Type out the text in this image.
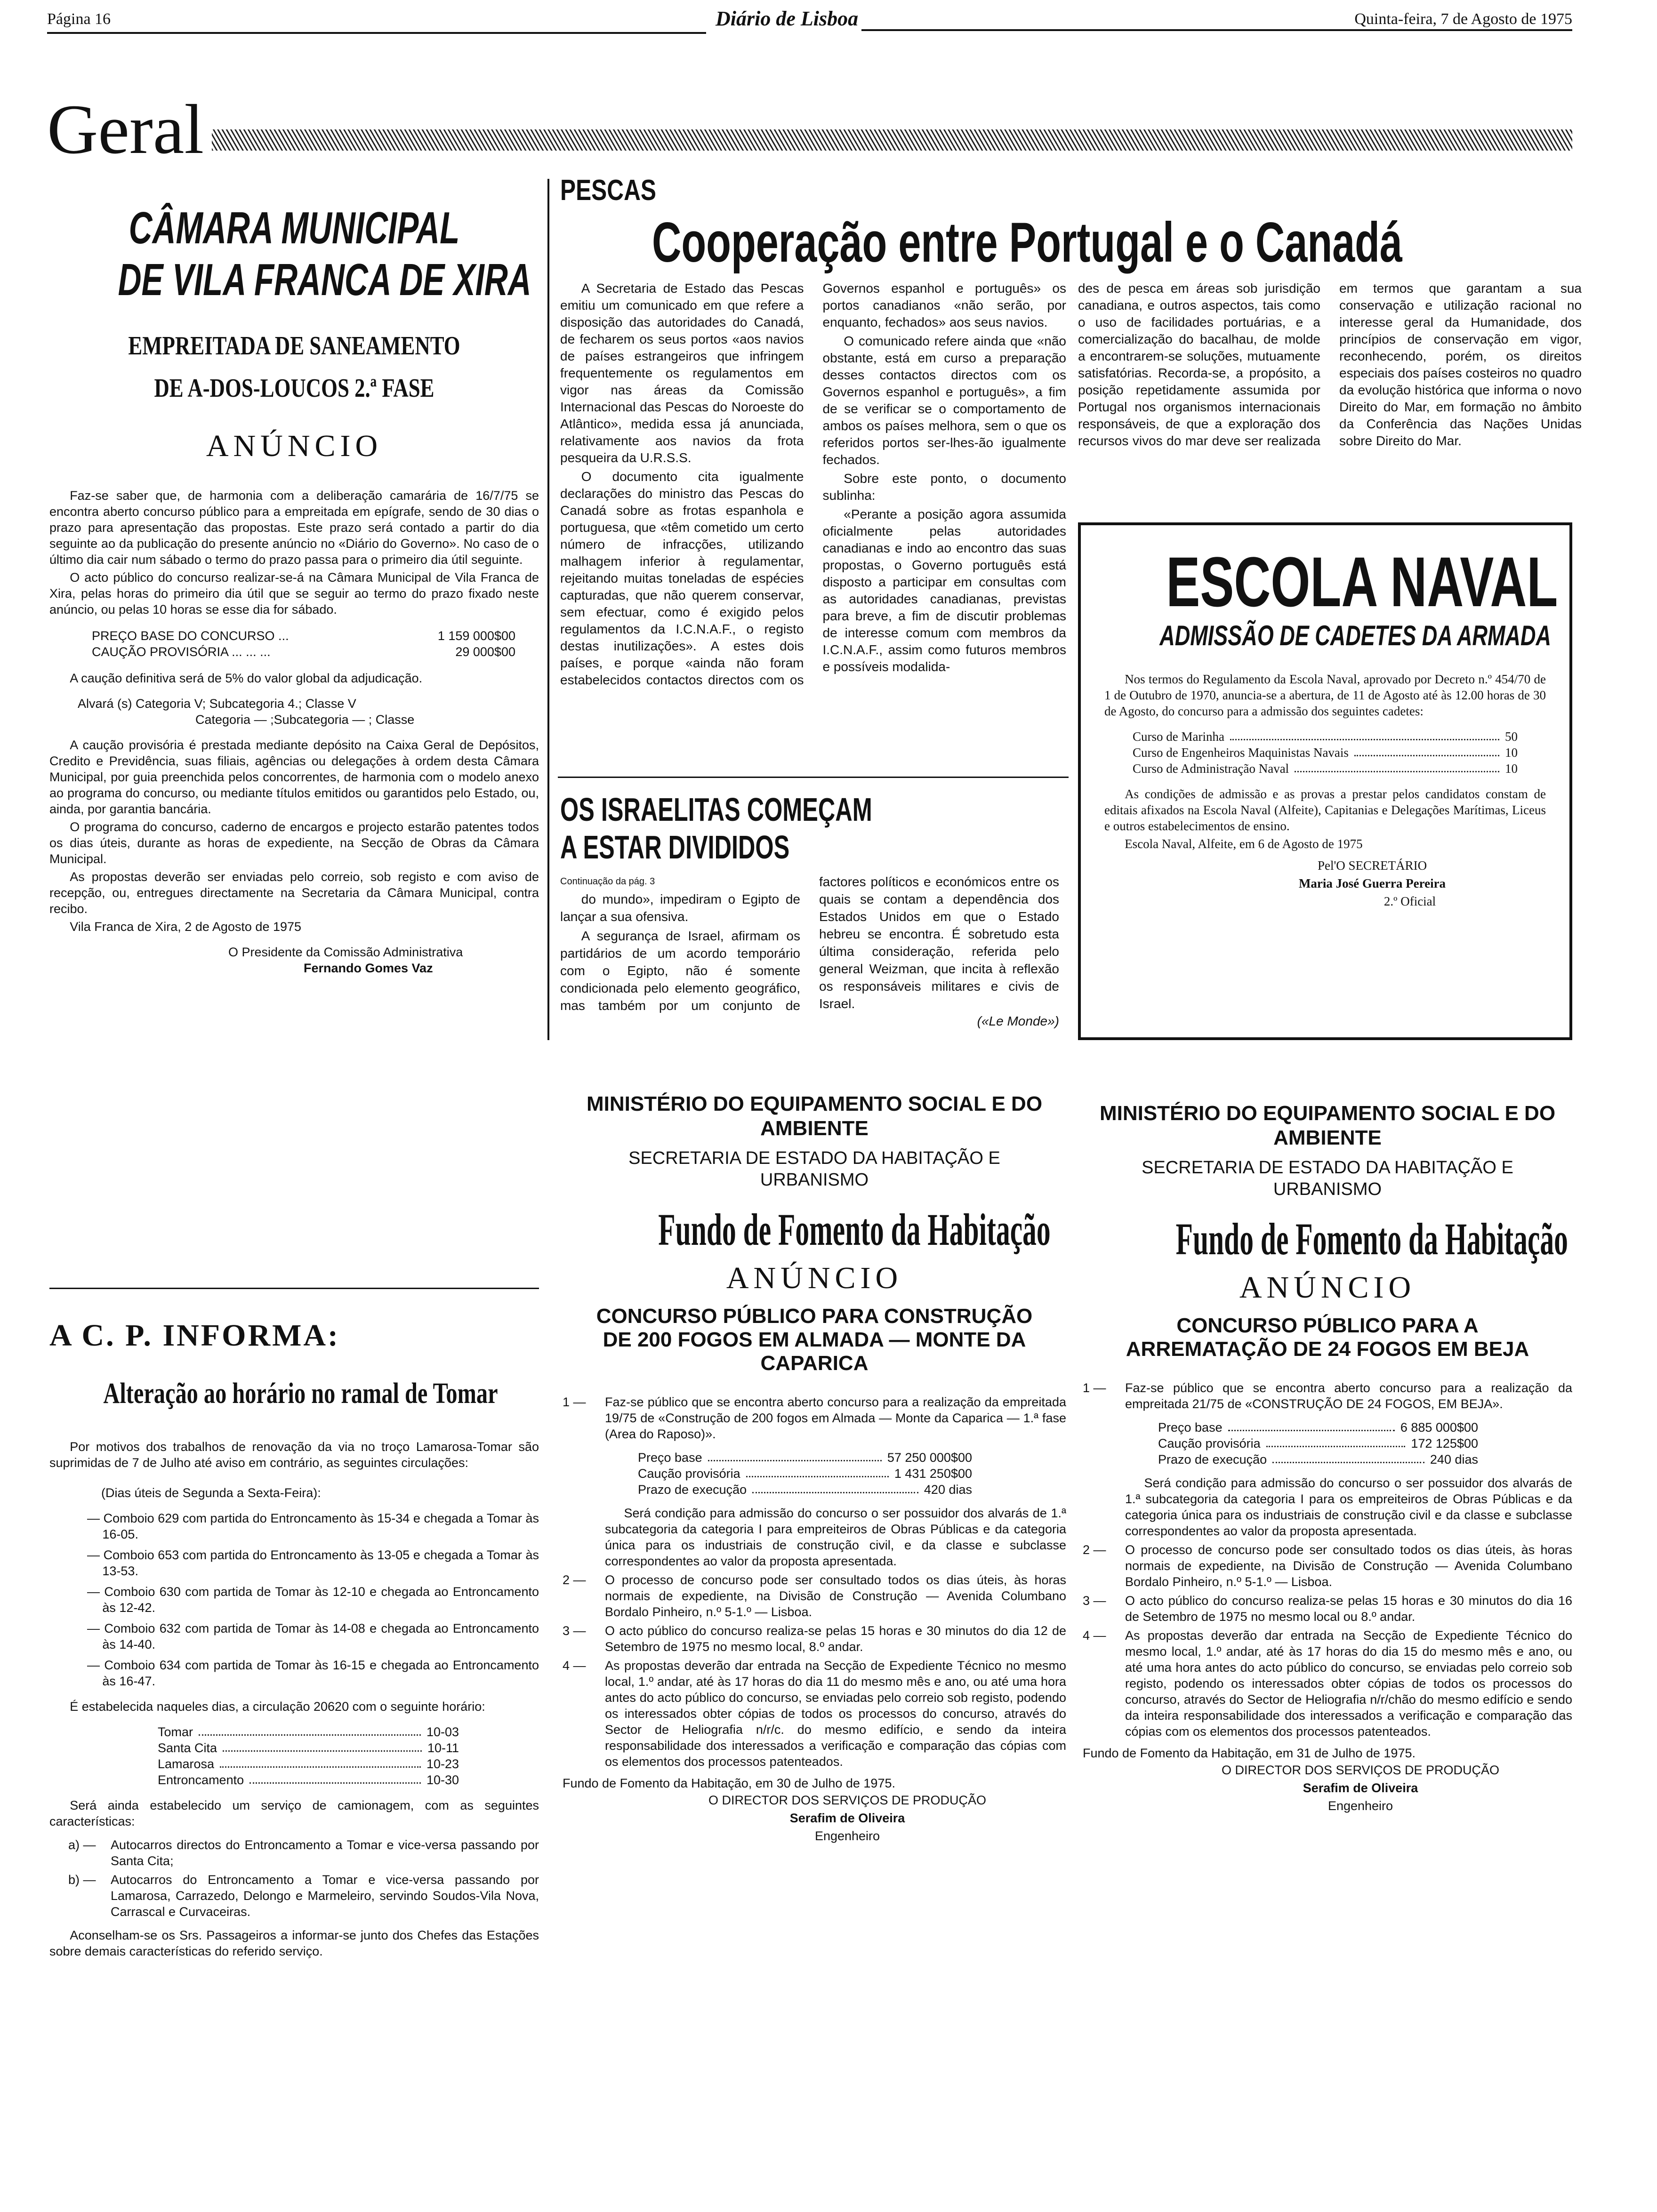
Página 16	Diário de Lisboa	Quinta-feira, 7 de Agosto de 1975
Geral
CÂMARA MUNICIPAL
DE VILA FRANCA DE XIRA
EMPREITADA DE SANEAMENTO
DE A-DOS-LOUCOS 2.ª FASE
ANÚNCIO

Faz-se saber que, de harmonia com a deliberação camarária de 16/7/75 se encontra aberto concurso público para a empreitada em epígrafe, sendo de 30 dias o prazo para apresentação das propostas. Este prazo será contado a partir do dia seguinte ao da publicação do presente anúncio no «Diário do Governo». No caso de o último dia cair num sábado o termo do prazo passa para o primeiro dia útil seguinte.

O acto público do concurso realizar-se-á na Câmara Municipal de Vila Franca de Xira, pelas horas do primeiro dia útil que se seguir ao termo do prazo fixado neste anúncio, ou pelas 10 horas se esse dia for sábado.

PREÇO BASE DO CONCURSO ...	1 159 000$00
CAUÇÃO PROVISÓRIA ... ... ...	29 000$00

A caução definitiva será de 5% do valor global da adjudicação.

Alvará (s) Categoria V; Subcategoria 4.; Classe V
Categoria — ;Subcategoria — ; Classe

A caução provisória é prestada mediante depósito na Caixa Geral de Depósitos, Credito e Previdência, suas filiais, agências ou delegações à ordem desta Câmara Municipal, por guia preenchida pelos concorrentes, de harmonia com o modelo anexo ao programa do concurso, ou mediante títulos emitidos ou garantidos pelo Estado, ou, ainda, por garantia bancária.

O programa do concurso, caderno de encargos e projecto estarão patentes todos os dias úteis, durante as horas de expediente, na Secção de Obras da Câmara Municipal.

As propostas deverão ser enviadas pelo correio, sob registo e com aviso de recepção, ou, entregues directamente na Secretaria da Câmara Municipal, contra recibo.

Vila Franca de Xira, 2 de Agosto de 1975

O Presidente da Comissão Administrativa
Fernando Gomes Vaz
A C. P. INFORMA:
Alteração ao horário no ramal de Tomar

Por motivos dos trabalhos de renovação da via no troço Lamarosa-Tomar são suprimidas de 7 de Julho até aviso em contrário, as seguintes circulações:

(Dias úteis de Segunda a Sexta-Feira):

— Comboio 629 com partida do Entroncamento às 15-34 e chegada a Tomar às 16-05.

— Comboio 653 com partida do Entroncamento às 13-05 e chegada a Tomar às 13-53.

— Comboio 630 com partida de Tomar às 12-10 e chegada ao Entroncamento às 12-42.

— Comboio 632 com partida de Tomar às 14-08 e chegada ao Entroncamento às 14-40.

— Comboio 634 com partida de Tomar às 16-15 e chegada ao Entroncamento às 16-47.

É estabelecida naqueles dias, a circulação 20620 com o seguinte horário:

Tomar	10-03
Santa Cita	10-11
Lamarosa	10-23
Entroncamento	10-30

Será ainda estabelecido um serviço de camionagem, com as seguintes características:

a) —	Autocarros directos do Entroncamento a Tomar e vice-versa passando por Santa Cita;
b) —	Autocarros do Entroncamento a Tomar e vice-versa passando por Lamarosa, Carrazedo, Delongo e Marmeleiro, servindo Soudos-Vila Nova, Carrascal e Curvaceiras.

Aconselham-se os Srs. Passageiros a informar-se junto dos Chefes das Estações sobre demais características do referido serviço.

PESCAS
Cooperação entre Portugal e o Canadá

A Secretaria de Estado das Pescas emitiu um comunicado em que refere a disposição das autoridades do Canadá, de fecharem os seus portos «aos navios de países estrangeiros que infringem frequentemente os regulamentos em vigor nas áreas da Comissão Internacional das Pescas do Noroeste do Atlântico», medida essa já anunciada, relativamente aos navios da frota pesqueira da U.R.S.S.

O documento cita igualmente declarações do ministro das Pescas do Canadá sobre as frotas espanhola e portuguesa, que «têm cometido um certo número de infracções, utilizando malhagem inferior à regulamentar, rejeitando muitas toneladas de espécies capturadas, que não querem conservar, sem efectuar, como é exigido pelos regulamentos da I.C.N.A.F., o registo destas inutilizações». A estes dois países, e porque «ainda não foram estabelecidos contactos directos com os Governos espanhol e português» os portos canadianos «não serão, por enquanto, fechados» aos seus navios.

O comunicado refere ainda que «não obstante, está em curso a preparação desses contactos directos com os Governos espanhol e português», a fim de se verificar se o comportamento de ambos os países melhora, sem o que os referidos portos ser-lhes-ão igualmente fechados.

Sobre este ponto, o documento sublinha:

«Perante a posição agora assumida oficialmente pelas autoridades canadianas e indo ao encontro das suas propostas, o Governo português está disposto a participar em consultas com as autoridades canadianas, previstas para breve, a fim de discutir problemas de interesse comum com membros da I.C.N.A.F., assim como futuros membros e possíveis modalida-

des de pesca em áreas sob jurisdição canadiana, e outros aspectos, tais como o uso de facilidades portuárias, e a comercialização do bacalhau, de molde a encontrarem-se soluções, mutuamente satisfatórias. Recorda-se, a propósito, a posição repetidamente assumida por Portugal nos organismos internacionais responsáveis, de que a exploração dos recursos vivos do mar deve ser realizada em termos que garantam a sua conservação e utilização racional no interesse geral da Humanidade, dos princípios de conservação em vigor, reconhecendo, porém, os direitos especiais dos países costeiros no quadro da evolução histórica que informa o novo Direito do Mar, em formação no âmbito da Conferência das Nações Unidas sobre Direito do Mar.

OS ISRAELITAS COMEÇAM
A ESTAR DIVIDIDOS
Continuação da pág. 3

do mundo», impediram o Egipto de lançar a sua ofensiva.

A segurança de Israel, afirmam os partidários de um acordo temporário com o Egipto, não é somente condicionada pelo elemento geográfico, mas também por um conjunto de factores políticos e económicos entre os quais se contam a dependência dos Estados Unidos em que o Estado hebreu se encontra. É sobretudo esta última consideração, referida pelo general Weizman, que incita à reflexão os responsáveis militares e civis de Israel.

(«Le Monde»)
ESCOLA NAVAL
ADMISSÃO DE CADETES DA ARMADA

Nos termos do Regulamento da Escola Naval, aprovado por Decreto n.º 454/70 de 1 de Outubro de 1970, anuncia-se a abertura, de 11 de Agosto até às 12.00 horas de 30 de Agosto, do concurso para a admissão dos seguintes cadetes:

Curso de Marinha	50
Curso de Engenheiros Maquinistas Navais	10
Curso de Administração Naval	10

As condições de admissão e as provas a prestar pelos candidatos constam de editais afixados na Escola Naval (Alfeite), Capitanias e Delegações Marítimas, Liceus e outros estabelecimentos de ensino.

Escola Naval, Alfeite, em 6 de Agosto de 1975

Pel'O SECRETÁRIO
Maria José Guerra Pereira
2.º Oficial
MINISTÉRIO DO EQUIPAMENTO SOCIAL E DO AMBIENTE
SECRETARIA DE ESTADO DA HABITAÇÃO E URBANISMO
Fundo de Fomento da Habitação
ANÚNCIO
CONCURSO PÚBLICO PARA CONSTRUÇÃO DE 200 FOGOS EM ALMADA — MONTE DA CAPARICA
1 —	Faz-se público que se encontra aberto concurso para a realização da empreitada 19/75 de «Construção de 200 fogos em Almada — Monte da Caparica — 1.ª fase (Area do Raposo)».
Preço base	57 250 000$00
Caução provisória	1 431 250$00
Prazo de execução	420 dias
Será condição para admissão do concurso o ser possuidor dos alvarás de 1.ª subcategoria da categoria I para empreiteiros de Obras Públicas e da categoria única para os industriais de construção civil, e da classe e subclasse correspondentes ao valor da proposta apresentada.
2 —	O processo de concurso pode ser consultado todos os dias úteis, às horas normais de expediente, na Divisão de Construção — Avenida Columbano Bordalo Pinheiro, n.º 5-1.º — Lisboa.
3 —	O acto público do concurso realiza-se pelas 15 horas e 30 minutos do dia 12 de Setembro de 1975 no mesmo local, 8.º andar.
4 —	As propostas deverão dar entrada na Secção de Expediente Técnico no mesmo local, 1.º andar, até às 17 horas do dia 11 do mesmo mês e ano, ou até uma hora antes do acto público do concurso, se enviadas pelo correio sob registo, podendo os interessados obter cópias de todos os processos do concurso, através do Sector de Heliografia n/r/c. do mesmo edifício, e sendo da inteira responsabilidade dos interessados a verificação e comparação das cópias com os elementos dos processos patenteados.
Fundo de Fomento da Habitação, em 30 de Julho de 1975.
O DIRECTOR DOS SERVIÇOS DE PRODUÇÃO
Serafim de Oliveira
Engenheiro
MINISTÉRIO DO EQUIPAMENTO SOCIAL E DO AMBIENTE
SECRETARIA DE ESTADO DA HABITAÇÃO E URBANISMO
Fundo de Fomento da Habitação
ANÚNCIO
CONCURSO PÚBLICO PARA A ARREMATAÇÃO DE 24 FOGOS EM BEJA
1 —	Faz-se público que se encontra aberto concurso para a realização da empreitada 21/75 de «CONSTRUÇÃO DE 24 FOGOS, EM BEJA».
Preço base	6 885 000$00
Caução provisória	172 125$00
Prazo de execução	240 dias
Será condição para admissão do concurso o ser possuidor dos alvarás de 1.ª subcategoria da categoria I para os empreiteiros de Obras Públicas e da categoria única para os industriais de construção civil e da classe e subclasse correspondentes ao valor da proposta apresentada.
2 —	O processo de concurso pode ser consultado todos os dias úteis, às horas normais de expediente, na Divisão de Construção — Avenida Columbano Bordalo Pinheiro, n.º 5-1.º — Lisboa.
3 —	O acto público do concurso realiza-se pelas 15 horas e 30 minutos do dia 16 de Setembro de 1975 no mesmo local ou 8.º andar.
4 —	As propostas deverão dar entrada na Secção de Expediente Técnico do mesmo local, 1.º andar, até às 17 horas do dia 15 do mesmo mês e ano, ou até uma hora antes do acto público do concurso, se enviadas pelo correio sob registo, podendo os interessados obter cópias de todos os processos do concurso, através do Sector de Heliografia n/r/chão do mesmo edifício e sendo da inteira responsabilidade dos interessados a verificação e comparação das cópias com os elementos dos processos patenteados.
Fundo de Fomento da Habitação, em 31 de Julho de 1975.
O DIRECTOR DOS SERVIÇOS DE PRODUÇÃO
Serafim de Oliveira
Engenheiro
